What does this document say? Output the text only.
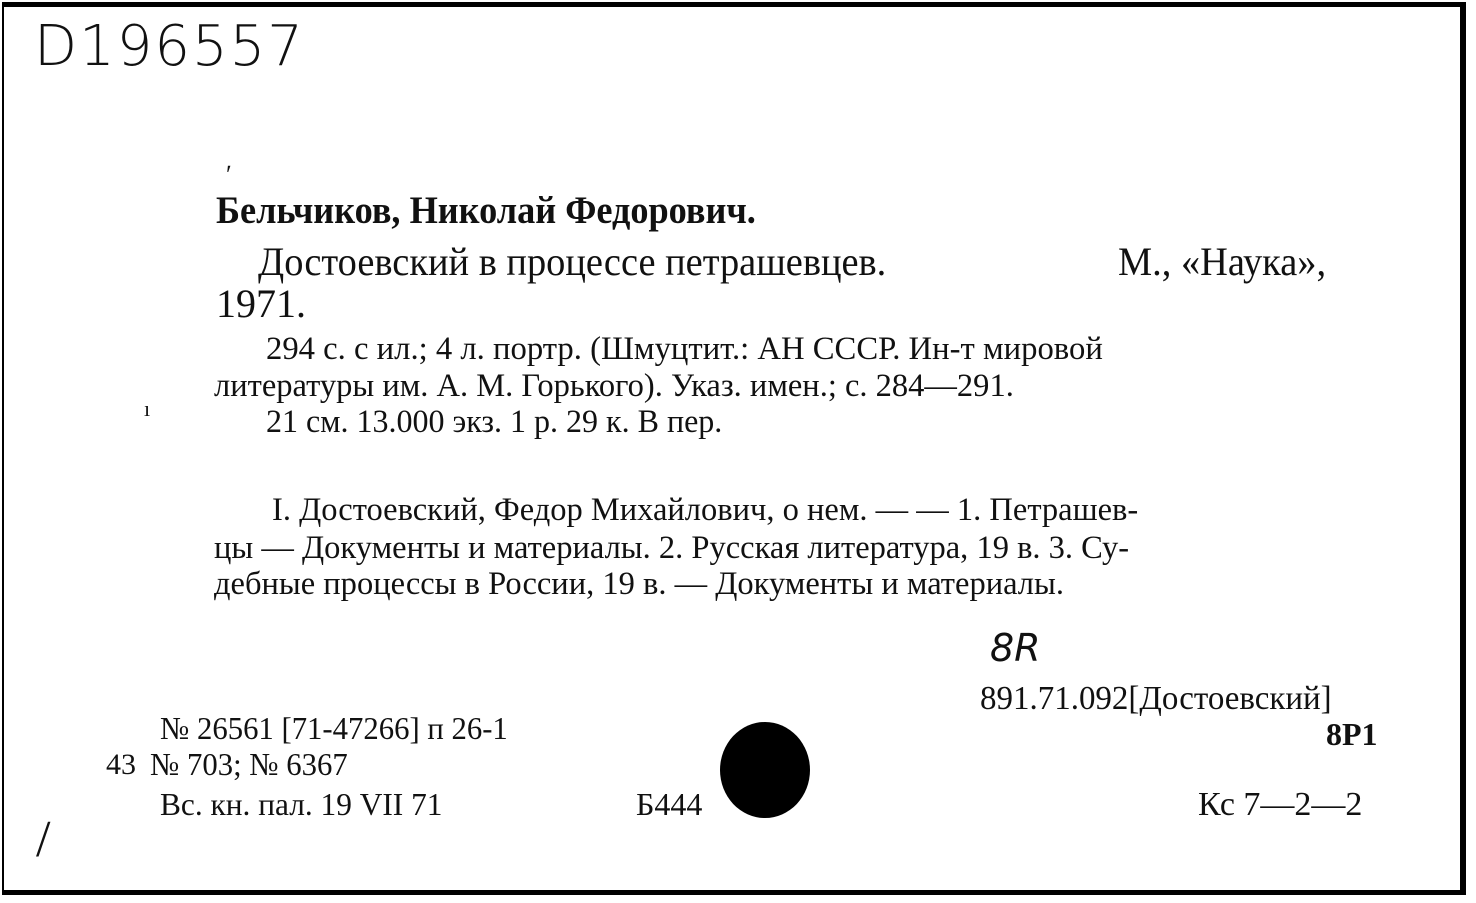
D196557
ʹ
Бельчиков, Николай Федорович.
Достоевский в процессе петрашевцев.	М., «Наука»,
1971.
294 с. с ил.; 4 л. портр. (Шмуцтит.: АН СССР. Ин-т мировой
литературы им. А. М. Горького). Указ. имен.; с. 284—291.
ı	21 см. 13.000 экз. 1 р. 29 к. В пер.
I. Достоевский, Федор Михайлович, о нем. — — 1. Петрашев-
цы — Документы и материалы. 2. Русская литература, 19 в. 3. Су-
дебные процессы в России, 19 в. — Документы и материалы.
8R
891.71.092[Достоевский]
8Р1
№ 26561 [71-47266] п 26-1
43 № 703; № 6367
Вс. кн. пал. 19 VII 71	Б444	Кс 7—2—2
/
